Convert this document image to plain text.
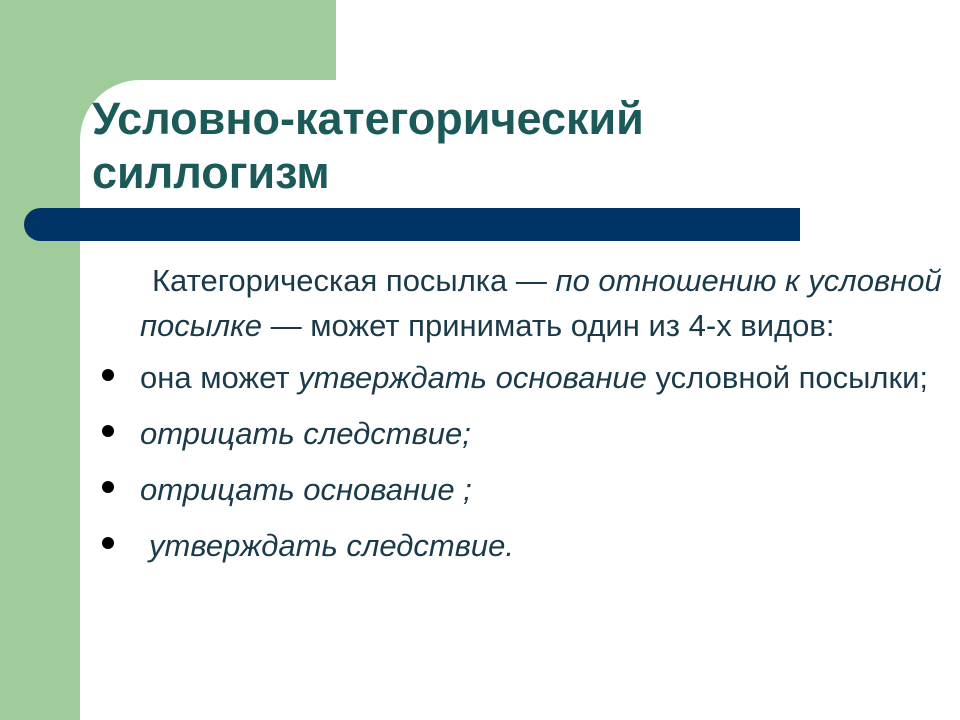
Условно-категорический
силлогизм

Категорическая посылка — по отношению к условной посылке — может принимать один из 4-х видов:

она может утверждать основание условной посылки;
отрицать следствие;
отрицать основание ;
утверждать следствие.
